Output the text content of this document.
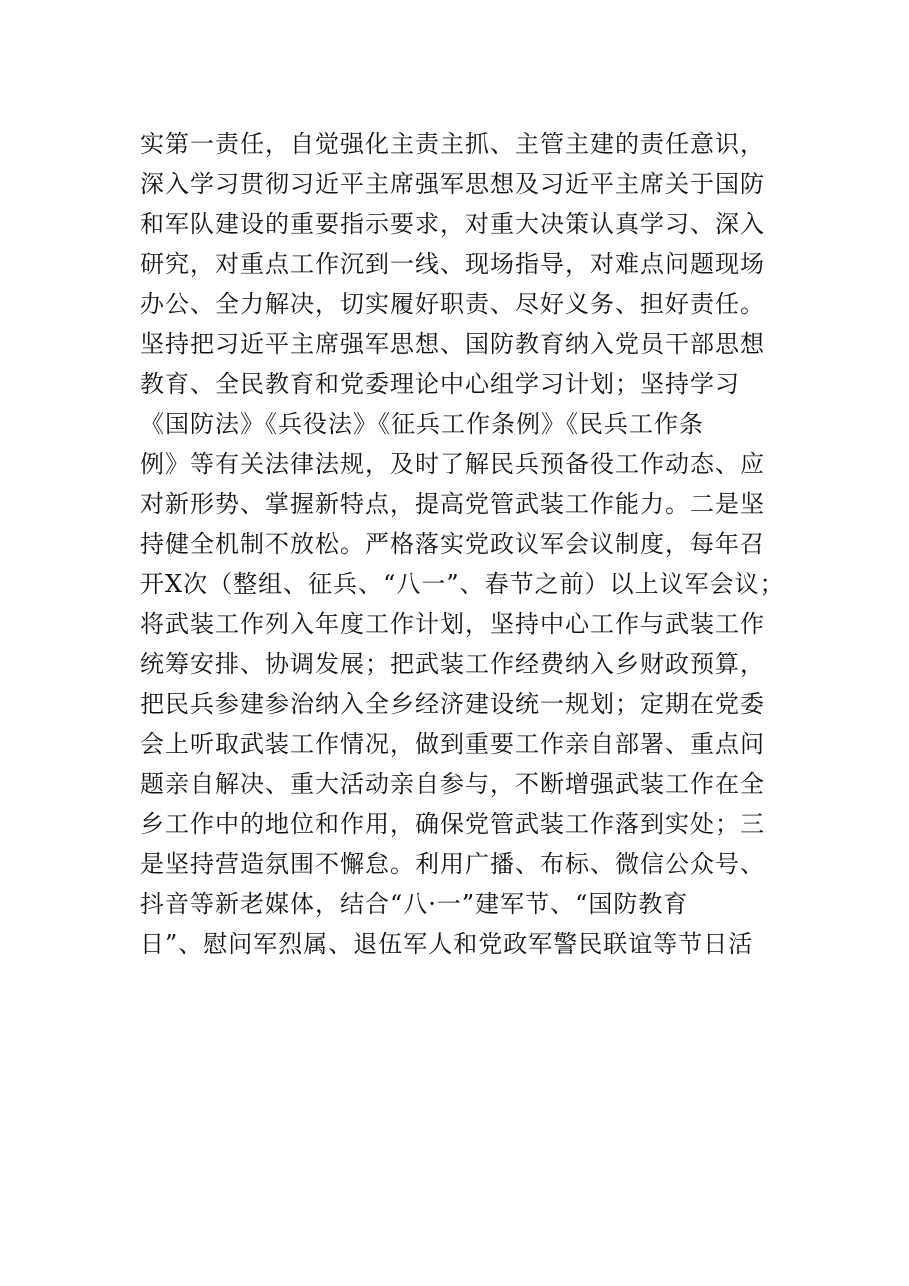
实第一责任，自觉强化主责主抓、主管主建的责任意识，
深入学习贯彻习近平主席强军思想及习近平主席关于国防
和军队建设的重要指示要求，对重大决策认真学习、深入
研究，对重点工作沉到一线、现场指导，对难点问题现场
办公、全力解决，切实履好职责、尽好义务、担好责任。
坚持把习近平主席强军思想、国防教育纳入党员干部思想
教育、全民教育和党委理论中心组学习计划；坚持学习
《国防法》《兵役法》《征兵工作条例》《民兵工作条
例》等有关法律法规，及时了解民兵预备役工作动态、应
对新形势、掌握新特点，提高党管武装工作能力。二是坚
持健全机制不放松。严格落实党政议军会议制度，每年召
开X次（整组、征兵、“八一”、春节之前）以上议军会议；
将武装工作列入年度工作计划，坚持中心工作与武装工作
统筹安排、协调发展；把武装工作经费纳入乡财政预算，
把民兵参建参治纳入全乡经济建设统一规划；定期在党委
会上听取武装工作情况，做到重要工作亲自部署、重点问
题亲自解决、重大活动亲自参与，不断增强武装工作在全
乡工作中的地位和作用，确保党管武装工作落到实处；三
是坚持营造氛围不懈怠。利用广播、布标、微信公众号、
抖音等新老媒体，结合“八·一”建军节、“国防教育
日”、慰问军烈属、退伍军人和党政军警民联谊等节日活
